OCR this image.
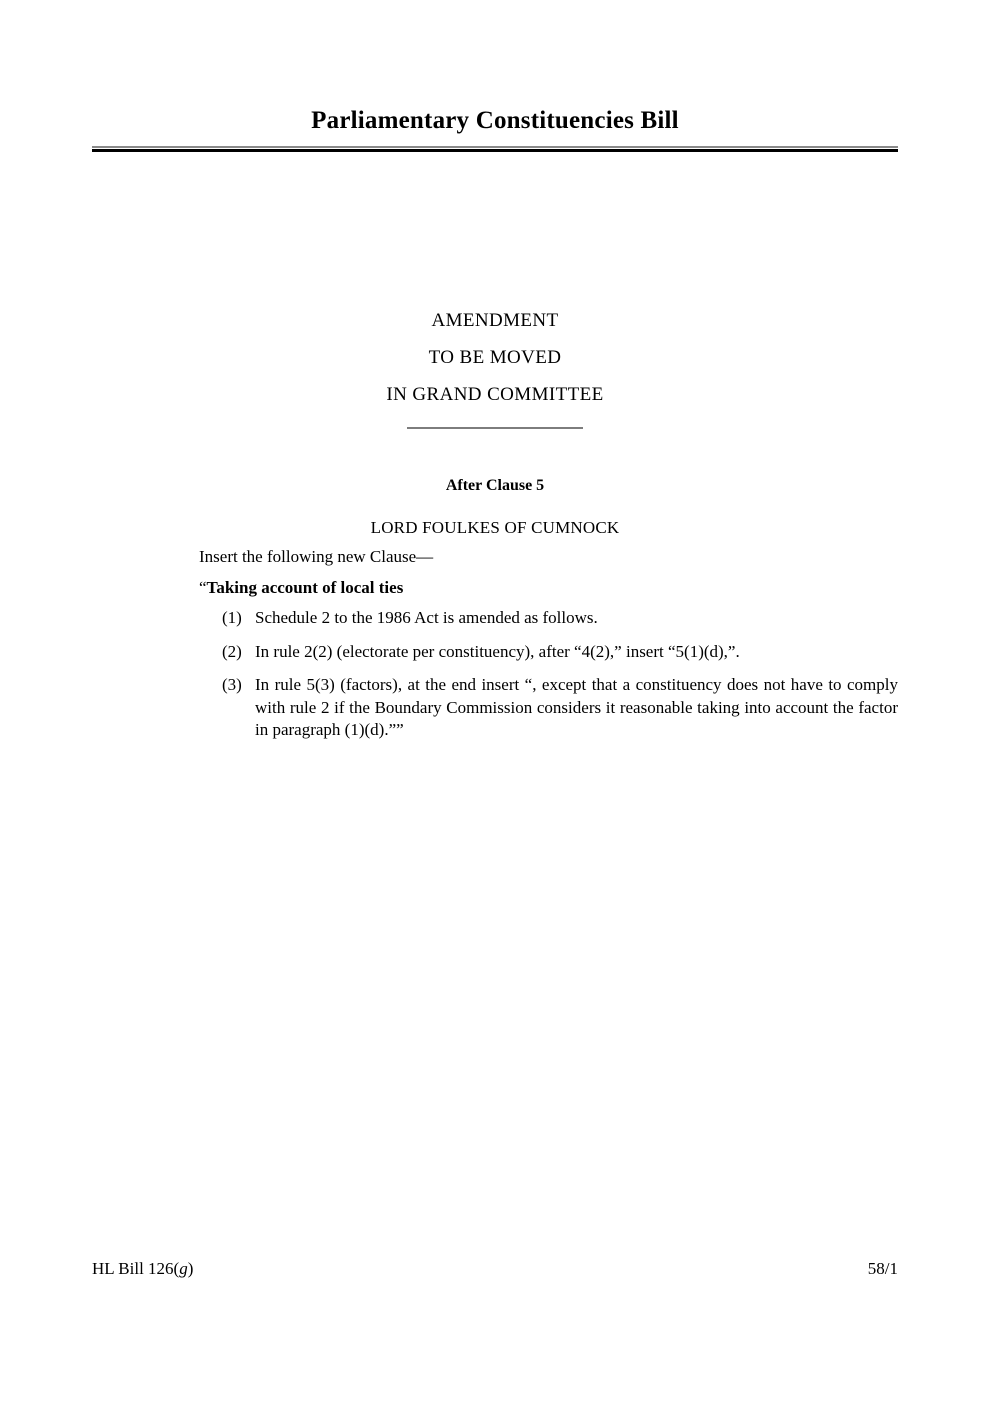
Parliamentary Constituencies Bill
AMENDMENT
TO BE MOVED
IN GRAND COMMITTEE
After Clause 5
LORD FOULKES OF CUMNOCK
Insert the following new Clause—
“Taking account of local ties
(1) Schedule 2 to the 1986 Act is amended as follows.
(2) In rule 2(2) (electorate per constituency), after “4(2),” insert “5(1)(d),”.
(3) In rule 5(3) (factors), at the end insert “, except that a constituency does not have to comply with rule 2 if the Boundary Commission considers it reasonable taking into account the factor in paragraph (1)(d).””
HL Bill 126(g)	58/1
